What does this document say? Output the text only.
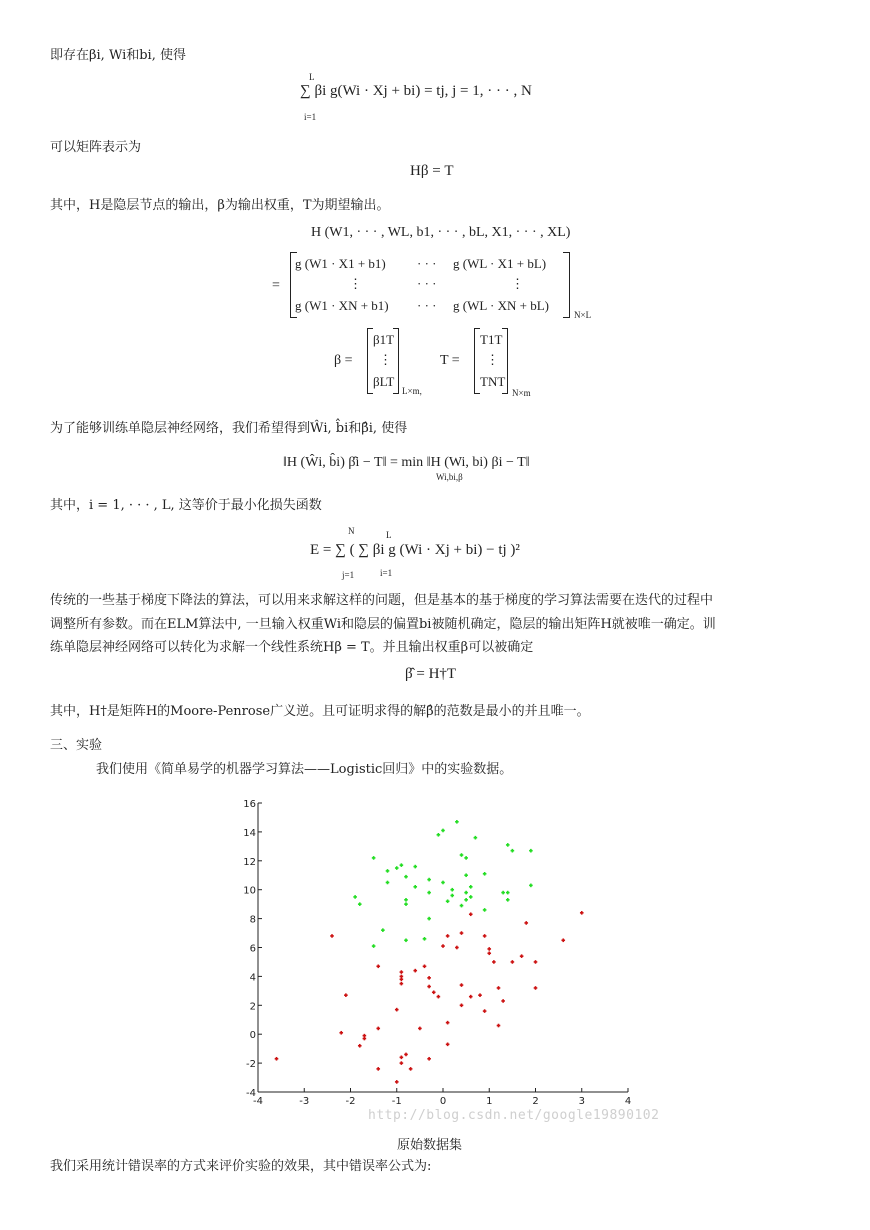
即存在βi, Wi和bi, 使得
L
i=1
∑ βi g(Wi · Xj + bi) = tj, j = 1, · · · , N
可以矩阵表示为
Hβ = T
其中，H是隐层节点的输出，β为输出权重，T为期望输出。
H (W1, · · · , WL, b1, · · · , bL, X1, · · · , XL)
=
g (W1 · X1 + b1) · · · g (WL · X1 + bL)
⋮	· · ·	⋮
g (W1 · XN + b1) · · · g (WL · XN + bL)
N×L
β =
β1T
⋮
βLT
L×m,
T =
T1T
⋮
TNT
N×m
为了能够训练单隐层神经网络，我们希望得到Ŵi, b̂i和β̂i, 使得
‖H (Ŵi, b̂i) β̂i − T‖ = min ‖H (Wi, bi) βi − T‖
Wi,bi,β
其中，i = 1, · · · , L, 这等价于最小化损失函数
N
j=1
L
i=1
E = ∑ ( ∑ βi g (Wi · Xj + bi) − tj )²
传统的一些基于梯度下降法的算法，可以用来求解这样的问题，但是基本的基于梯度的学习算法需要在迭代的过程中
调整所有参数。而在ELM算法中, 一旦输入权重Wi和隐层的偏置bi被随机确定，隐层的输出矩阵H就被唯一确定。训
练单隐层神经网络可以转化为求解一个线性系统Hβ = T。并且输出权重β可以被确定
β̂ = H†T
其中，H†是矩阵H的Moore-Penrose广义逆。且可证明求得的解β̂的范数是最小的并且唯一。
三、实验
我们使用《简单易学的机器学习算法——Logistic回归》中的实验数据。
-4	-3	-2	-1	0	1	2	3	4
-4
-2
0
2
4
6
8
10
12
14
16
http://blog.csdn.net/google19890102
原始数据集
我们采用统计错误率的方式来评价实验的效果，其中错误率公式为:
